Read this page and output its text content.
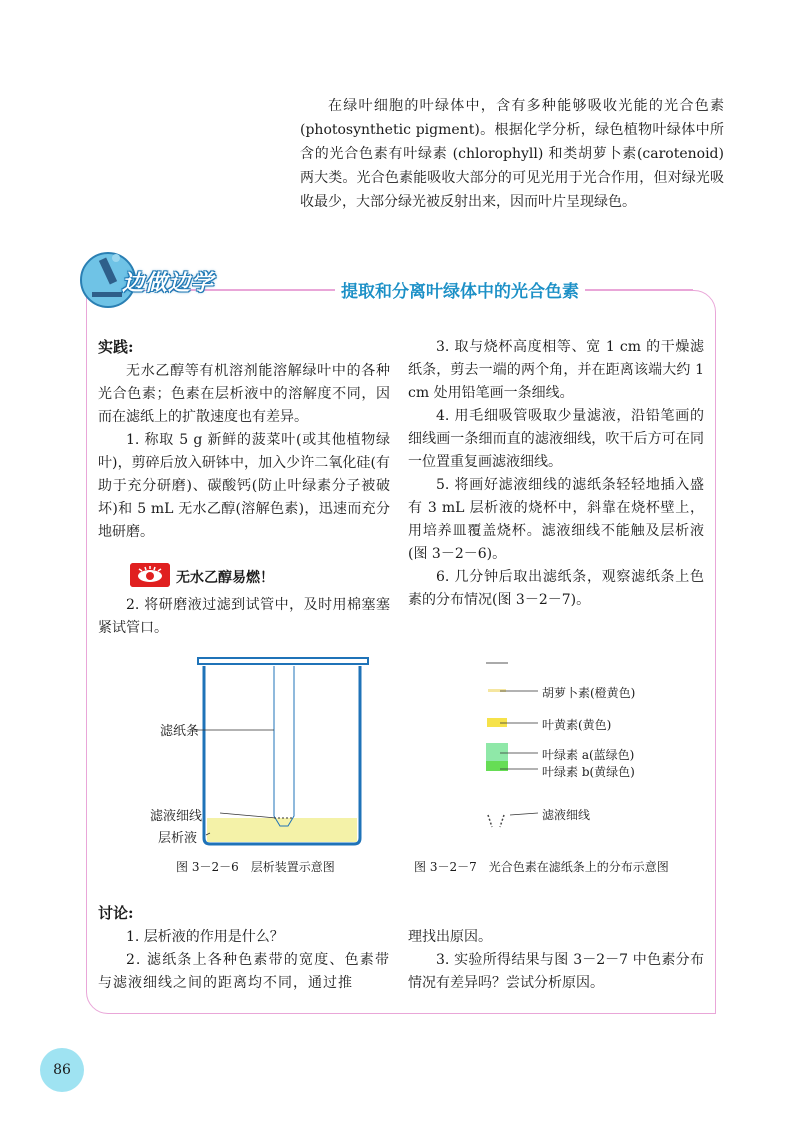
在绿叶细胞的叶绿体中，含有多种能够吸收光能的光合色素(photosynthetic pigment)。根据化学分析，绿色植物叶绿体中所含的光合色素有叶绿素 (chlorophyll) 和类胡萝卜素(carotenoid)两大类。光合色素能吸收大部分的可见光用于光合作用，但对绿光吸收最少，大部分绿光被反射出来，因而叶片呈现绿色。

边做边学	提取和分离叶绿体中的光合色素
实践:

无水乙醇等有机溶剂能溶解绿叶中的各种光合色素；色素在层析液中的溶解度不同，因而在滤纸上的扩散速度也有差异。

1. 称取 5 g 新鲜的菠菜叶(或其他植物绿叶)，剪碎后放入研钵中，加入少许二氧化硅(有助于充分研磨)、碳酸钙(防止叶绿素分子被破坏)和 5 mL 无水乙醇(溶解色素)，迅速而充分地研磨。

无水乙醇易燃！

2. 将研磨液过滤到试管中，及时用棉塞塞紧试管口。

3. 取与烧杯高度相等、宽 1 cm 的干燥滤纸条，剪去一端的两个角，并在距离该端大约 1 cm 处用铅笔画一条细线。

4. 用毛细吸管吸取少量滤液，沿铅笔画的细线画一条细而直的滤液细线，吹干后方可在同一位置重复画滤液细线。

5. 将画好滤液细线的滤纸条轻轻地插入盛有 3 mL 层析液的烧杯中，斜靠在烧杯壁上，用培养皿覆盖烧杯。滤液细线不能触及层析液(图 3－2－6)。

6. 几分钟后取出滤纸条，观察滤纸条上色素的分布情况(图 3－2－7)。

滤纸条
滤液细线
层析液
图 3－2－6　层析装置示意图
胡萝卜素(橙黄色)
叶黄素(黄色)
叶绿素 a(蓝绿色)
叶绿素 b(黄绿色)
滤液细线
图 3－2－7　光合色素在滤纸条上的分布示意图
讨论:

1. 层析液的作用是什么？

2. 滤纸条上各种色素带的宽度、色素带与滤液细线之间的距离均不同，通过推

理找出原因。

3. 实验所得结果与图 3－2－7 中色素分布情况有差异吗？尝试分析原因。

86
